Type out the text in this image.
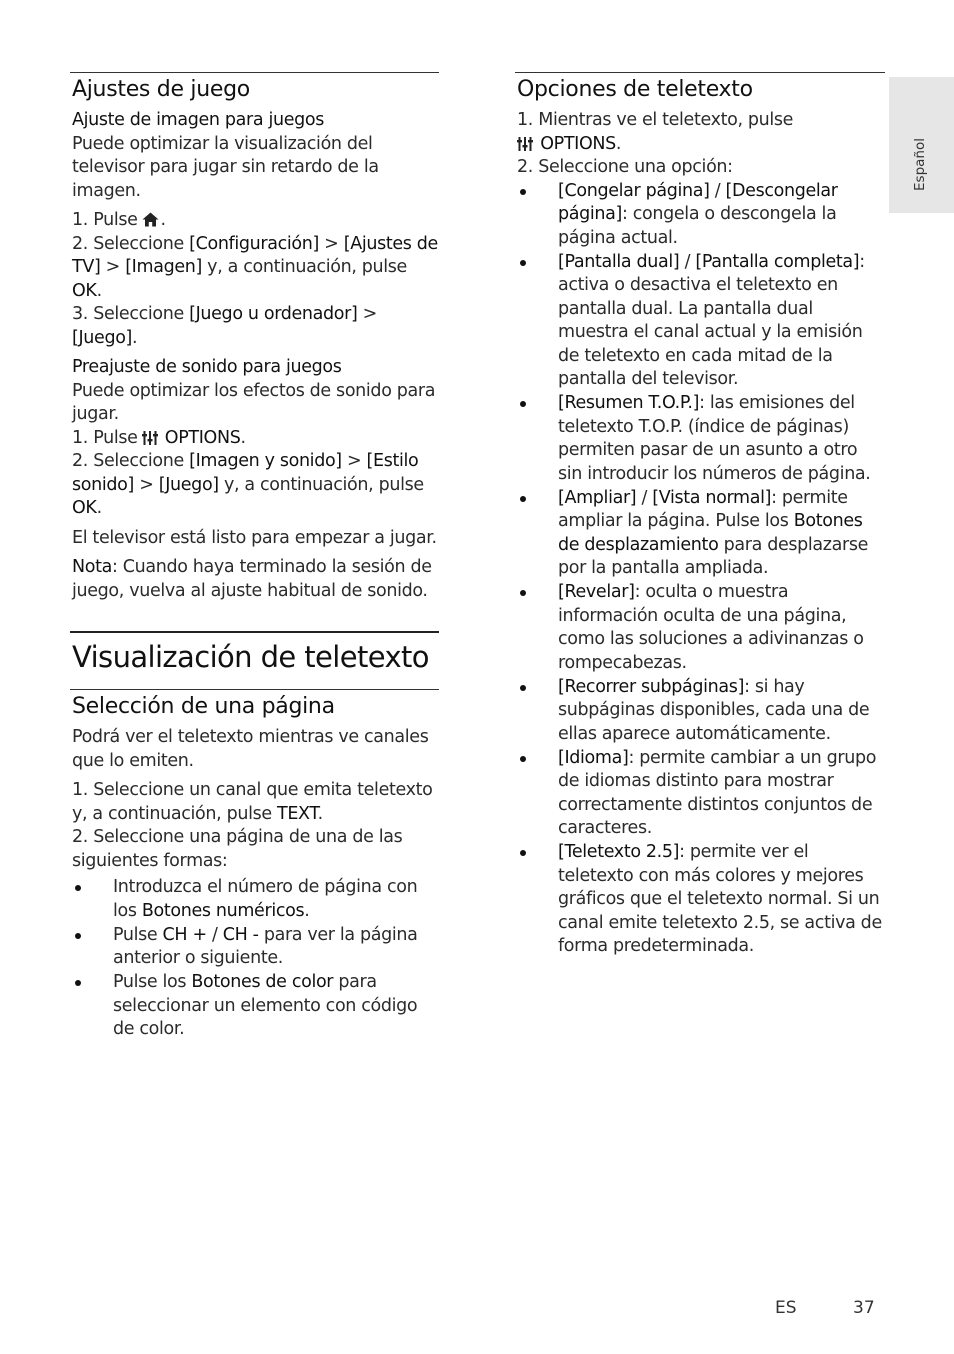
Ajustes de juego
Ajuste de imagen para juegos

Puede optimizar la visualización del televisor para jugar sin retardo de la imagen.

1. Pulse .

2. Seleccione [Configuración] > [Ajustes de TV] > [Imagen] y, a continuación, pulse OK.

3. Seleccione [Juego u ordenador] > [Juego].

Preajuste de sonido para juegos

Puede optimizar los efectos de sonido para jugar.

1. Pulse OPTIONS.

2. Seleccione [Imagen y sonido] > [Estilo sonido] > [Juego] y, a continuación, pulse OK.

El televisor está listo para empezar a jugar.

Nota: Cuando haya terminado la sesión de juego, vuelva al ajuste habitual de sonido.

Visualización de teletexto
Selección de una página

Podrá ver el teletexto mientras ve canales que lo emiten.

1. Seleccione un canal que emita teletexto y, a continuación, pulse TEXT.

2. Seleccione una página de una de las siguientes formas:

Introduzca el número de página con los Botones numéricos.
Pulse CH + / CH - para ver la página anterior o siguiente.
Pulse los Botones de color para seleccionar un elemento con código de color.
Opciones de teletexto

1. Mientras ve el teletexto, pulse

OPTIONS.

2. Seleccione una opción:

[Congelar página] / [Descongelar página]: congela o descongela la página actual.
[Pantalla dual] / [Pantalla completa]: activa o desactiva el teletexto en pantalla dual. La pantalla dual muestra el canal actual y la emisión de teletexto en cada mitad de la pantalla del televisor.
[Resumen T.O.P.]: las emisiones del teletexto T.O.P. (índice de páginas) permiten pasar de un asunto a otro sin introducir los números de página.
[Ampliar] / [Vista normal]: permite ampliar la página. Pulse los Botones de desplazamiento para desplazarse por la pantalla ampliada.
[Revelar]: oculta o muestra información oculta de una página, como las soluciones a adivinanzas o rompecabezas.
[Recorrer subpáginas]: si hay subpáginas disponibles, cada una de ellas aparece automáticamente.
[Idioma]: permite cambiar a un grupo de idiomas distinto para mostrar correctamente distintos conjuntos de caracteres.
[Teletexto 2.5]: permite ver el teletexto con más colores y mejores gráficos que el teletexto normal. Si un canal emite teletexto 2.5, se activa de forma predeterminada.
Español
ES	37
